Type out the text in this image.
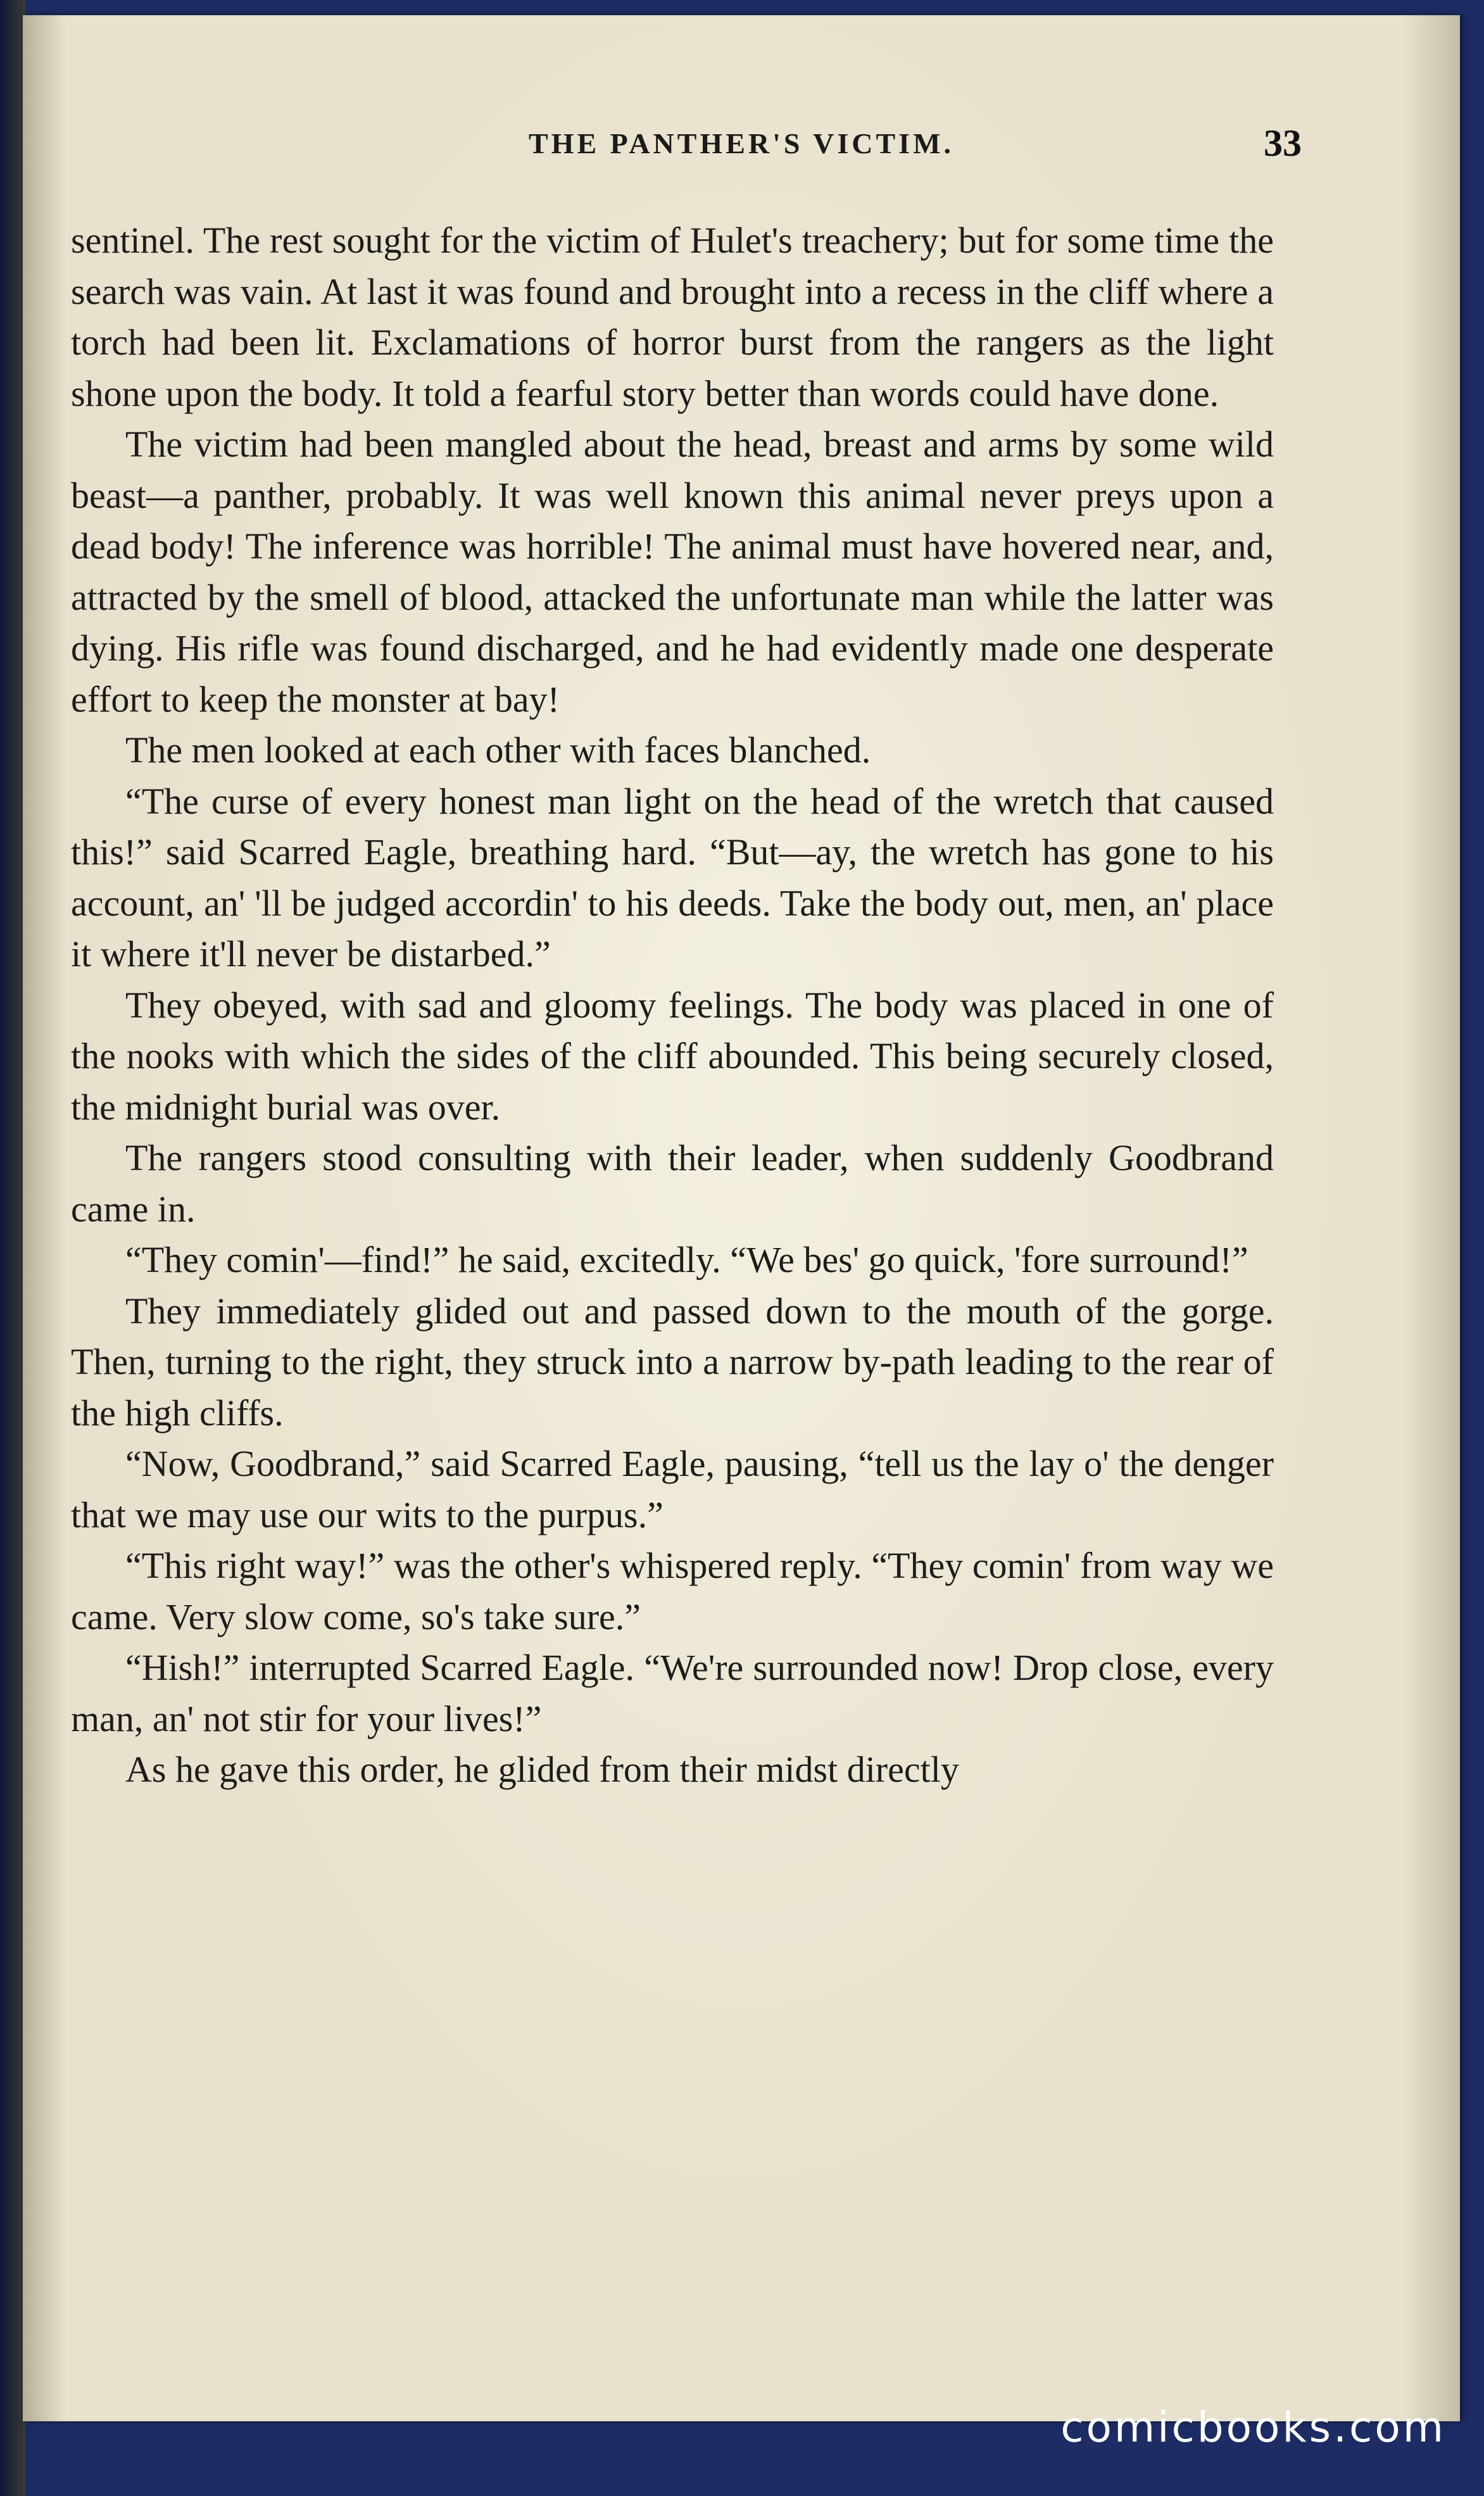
THE PANTHER'S VICTIM.	33

sentinel. The rest sought for the victim of Hulet's treachery; but for some time the search was vain. At last it was found and brought into a recess in the cliff where a torch had been lit. Exclamations of horror burst from the rangers as the light shone upon the body. It told a fearful story better than words could have done.

The victim had been mangled about the head, breast and arms by some wild beast—a panther, probably. It was well known this animal never preys upon a dead body! The inference was horrible! The animal must have hovered near, and, attracted by the smell of blood, attacked the unfortunate man while the latter was dying. His rifle was found discharged, and he had evidently made one desperate effort to keep the monster at bay!

The men looked at each other with faces blanched.

“The curse of every honest man light on the head of the wretch that caused this!” said Scarred Eagle, breathing hard. “But—ay, the wretch has gone to his account, an' 'll be judged accordin' to his deeds. Take the body out, men, an' place it where it'll never be distarbed.”

They obeyed, with sad and gloomy feelings. The body was placed in one of the nooks with which the sides of the cliff abounded. This being securely closed, the midnight burial was over.

The rangers stood consulting with their leader, when suddenly Goodbrand came in.

“They comin'—find!” he said, excitedly. “We bes' go quick, 'fore surround!”

They immediately glided out and passed down to the mouth of the gorge. Then, turning to the right, they struck into a narrow by-path leading to the rear of the high cliffs.

“Now, Goodbrand,” said Scarred Eagle, pausing, “tell us the lay o' the denger that we may use our wits to the purpus.”

“This right way!” was the other's whispered reply. “They comin' from way we came. Very slow come, so's take sure.”

“Hish!” interrupted Scarred Eagle. “We're surrounded now! Drop close, every man, an' not stir for your lives!”

As he gave this order, he glided from their midst directly

comicbooks.com
